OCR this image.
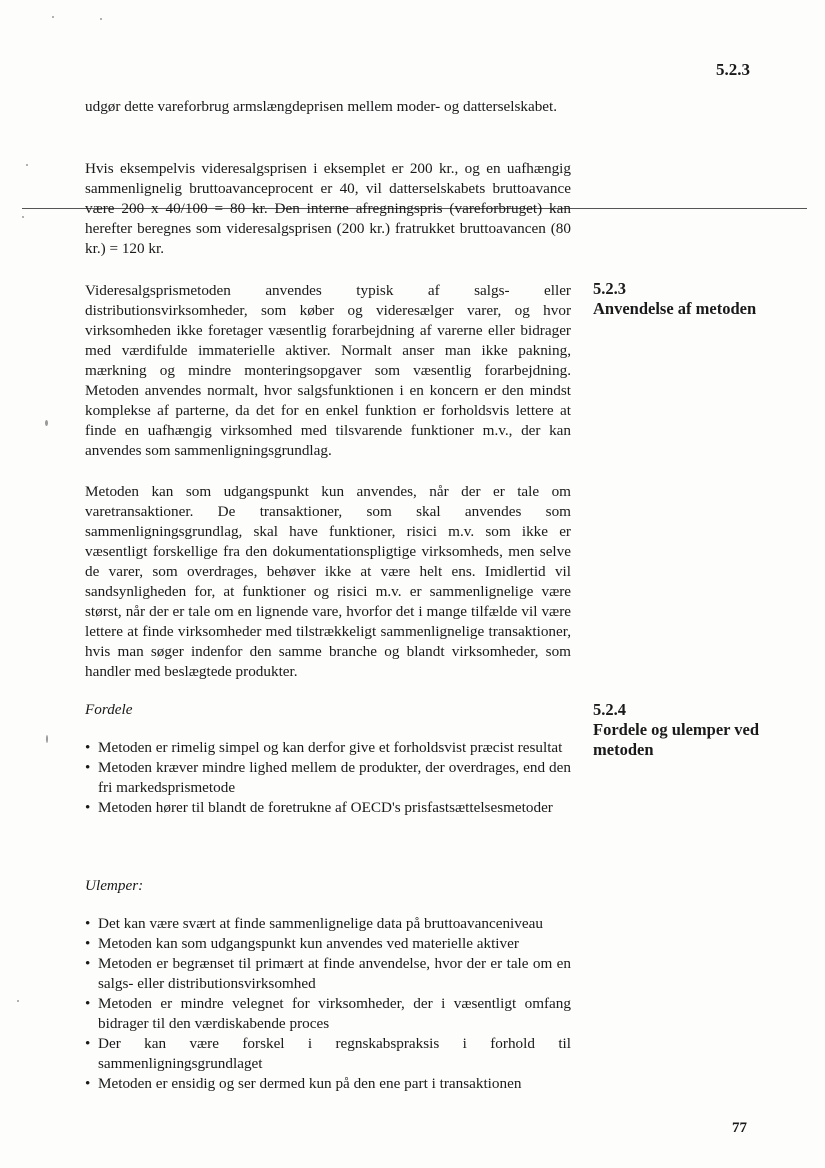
5.2.3

udgør dette vareforbrug armslængdeprisen mellem moder- og datterselskabet.

Hvis eksempelvis videresalgsprisen i eksemplet er 200 kr., og en uafhængig sammenlignelig bruttoavanceprocent er 40, vil datterselskabets bruttoavance være 200 x 40/100 = 80 kr. Den interne afregningspris (vareforbruget) kan herefter beregnes som videresalgsprisen (200 kr.) fratrukket bruttoavancen (80 kr.) = 120 kr.

Videresalgsprismetoden anvendes typisk af salgs- eller distributionsvirksomheder, som køber og videresælger varer, og hvor virksomheden ikke foretager væsentlig forarbejdning af varerne eller bidrager med værdifulde immaterielle aktiver. Normalt anser man ikke pakning, mærkning og mindre monteringsopgaver som væsentlig forarbejdning. Metoden anvendes normalt, hvor salgsfunktionen i en koncern er den mindst komplekse af parterne, da det for en enkel funktion er forholdsvis lettere at finde en uafhængig virksomhed med tilsvarende funktioner m.v., der kan anvendes som sammenligningsgrundlag.

Metoden kan som udgangspunkt kun anvendes, når der er tale om varetransaktioner. De transaktioner, som skal anvendes som sammenligningsgrundlag, skal have funktioner, risici m.v. som ikke er væsentligt forskellige fra den dokumentationspligtige virksomheds, men selve de varer, som overdrages, behøver ikke at være helt ens. Imidlertid vil sandsynligheden for, at funktioner og risici m.v. er sammenlignelige være størst, når der er tale om en lignende vare, hvorfor det i mange tilfælde vil være lettere at finde virksomheder med tilstrækkeligt sammenlignelige transaktioner, hvis man søger indenfor den samme branche og blandt virksomheder, som handler med beslægtede produkter.

Fordele
• Metoden er rimelig simpel og kan derfor give et forholdsvist præcist resultat
• Metoden kræver mindre lighed mellem de produkter, der overdrages, end den fri markedsprismetode
• Metoden hører til blandt de foretrukne af OECD's prisfastsættelsesmetoder
Ulemper:
• Det kan være svært at finde sammenlignelige data på bruttoavanceniveau
• Metoden kan som udgangspunkt kun anvendes ved materielle aktiver
• Metoden er begrænset til primært at finde anvendelse, hvor der er tale om en salgs- eller distributionsvirksomhed
• Metoden er mindre velegnet for virksomheder, der i væsentligt omfang bidrager til den værdiskabende proces
• Der kan være forskel i regnskabspraksis i forhold til sammenligningsgrundlaget
• Metoden er ensidig og ser dermed kun på den ene part i transaktionen
5.2.3
Anvendelse af metoden
5.2.4
Fordele og ulemper ved metoden
77
